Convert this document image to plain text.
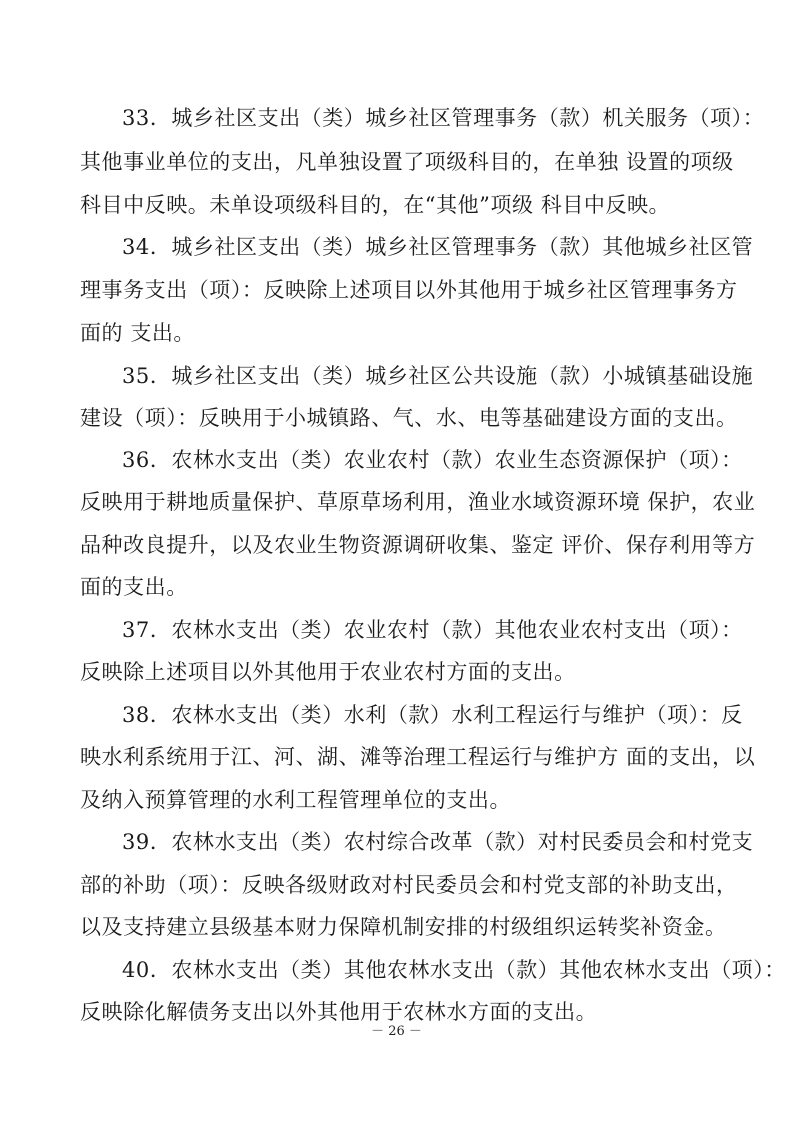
33．城乡社区支出（类）城乡社区管理事务（款）机关服务（项）：
其他事业单位的支出，凡单独设置了项级科目的，在单独 设置的项级
科目中反映。未单设项级科目的，在“其他”项级 科目中反映。
34．城乡社区支出（类）城乡社区管理事务（款）其他城乡社区管
理事务支出（项）：反映除上述项目以外其他用于城乡社区管理事务方
面的 支出。
35．城乡社区支出（类）城乡社区公共设施（款）小城镇基础设施
建设（项）：反映用于小城镇路、气、水、电等基础建设方面的支出。
36．农林水支出（类）农业农村（款）农业生态资源保护（项）：
反映用于耕地质量保护、草原草场利用，渔业水域资源环境 保护，农业
品种改良提升，以及农业生物资源调研收集、鉴定 评价、保存利用等方
面的支出。
37．农林水支出（类）农业农村（款）其他农业农村支出（项）：
反映除上述项目以外其他用于农业农村方面的支出。
38．农林水支出（类）水利（款）水利工程运行与维护（项）：反
映水利系统用于江、河、湖、滩等治理工程运行与维护方 面的支出，以
及纳入预算管理的水利工程管理单位的支出。
39．农林水支出（类）农村综合改革（款）对村民委员会和村党支
部的补助（项）：反映各级财政对村民委员会和村党支部的补助支出，
以及支持建立县级基本财力保障机制安排的村级组织运转奖补资金。
40．农林水支出（类）其他农林水支出（款）其他农林水支出（项）：
反映除化解债务支出以外其他用于农林水方面的支出。
－ 26 －
